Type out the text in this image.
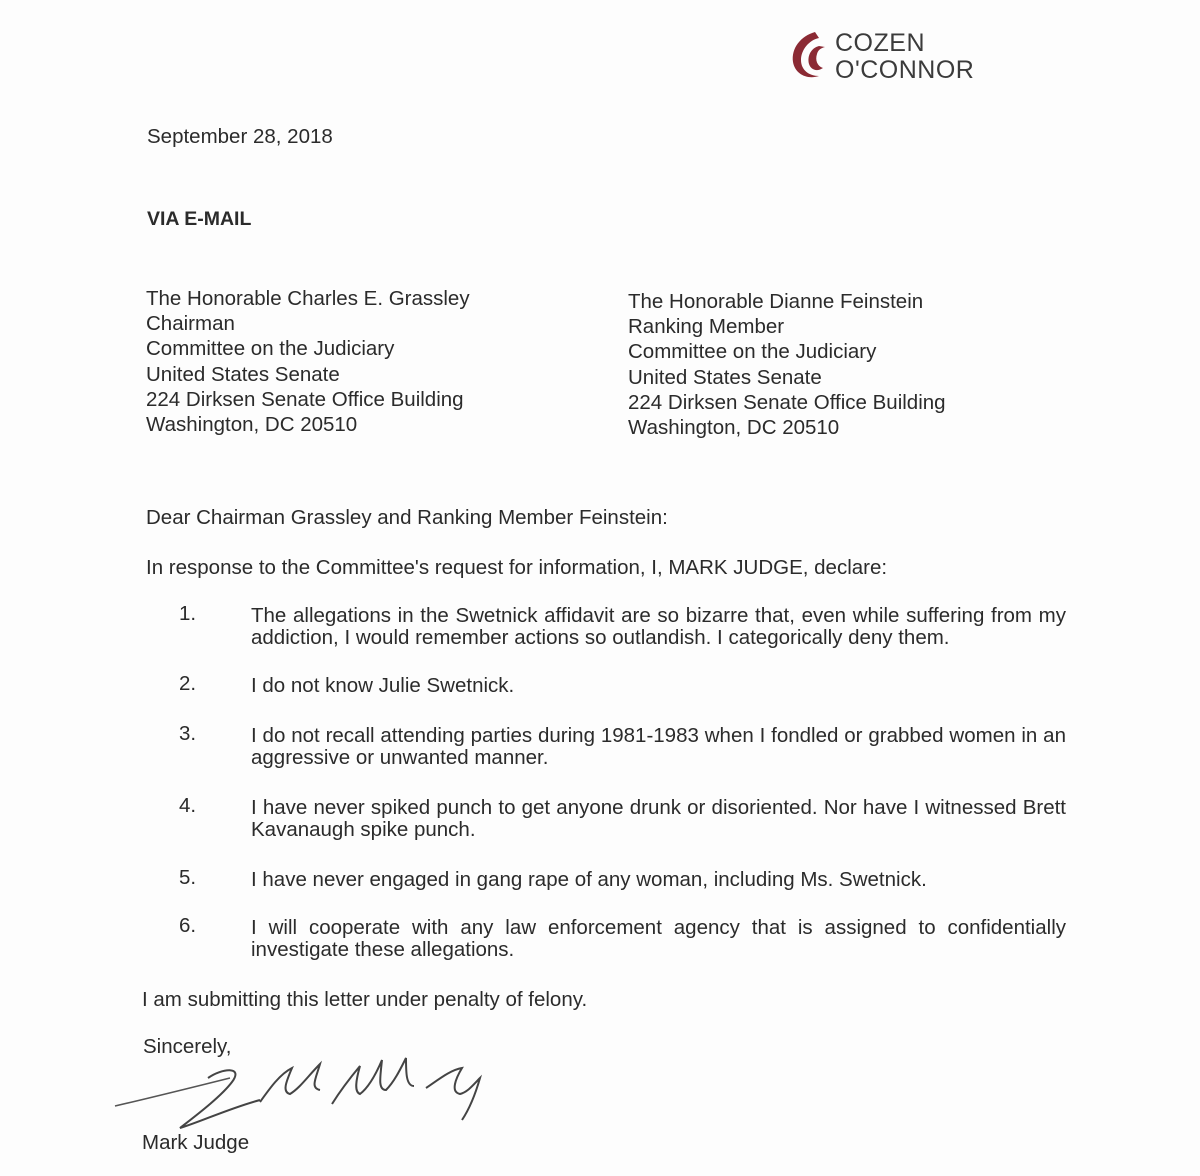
COZEN
O'CONNOR
September 28, 2018
VIA E-MAIL
The Honorable Charles E. Grassley
Chairman
Committee on the Judiciary
United States Senate
224 Dirksen Senate Office Building
Washington, DC 20510
The Honorable Dianne Feinstein
Ranking Member
Committee on the Judiciary
United States Senate
224 Dirksen Senate Office Building
Washington, DC 20510
Dear Chairman Grassley and Ranking Member Feinstein:
In response to the Committee's request for information, I, MARK JUDGE, declare:
1.	The allegations in the Swetnick affidavit are so bizarre that, even while suffering from my addiction, I would remember actions so outlandish. I categorically deny them.
2.	I do not know Julie Swetnick.
3.	I do not recall attending parties during 1981-1983 when I fondled or grabbed women in an aggressive or unwanted manner.
4.	I have never spiked punch to get anyone drunk or disoriented. Nor have I witnessed Brett Kavanaugh spike punch.
5.	I have never engaged in gang rape of any woman, including Ms. Swetnick.
6.	I will cooperate with any law enforcement agency that is assigned to confidentially investigate these allegations.
I am submitting this letter under penalty of felony.
Sincerely,
Mark Judge
